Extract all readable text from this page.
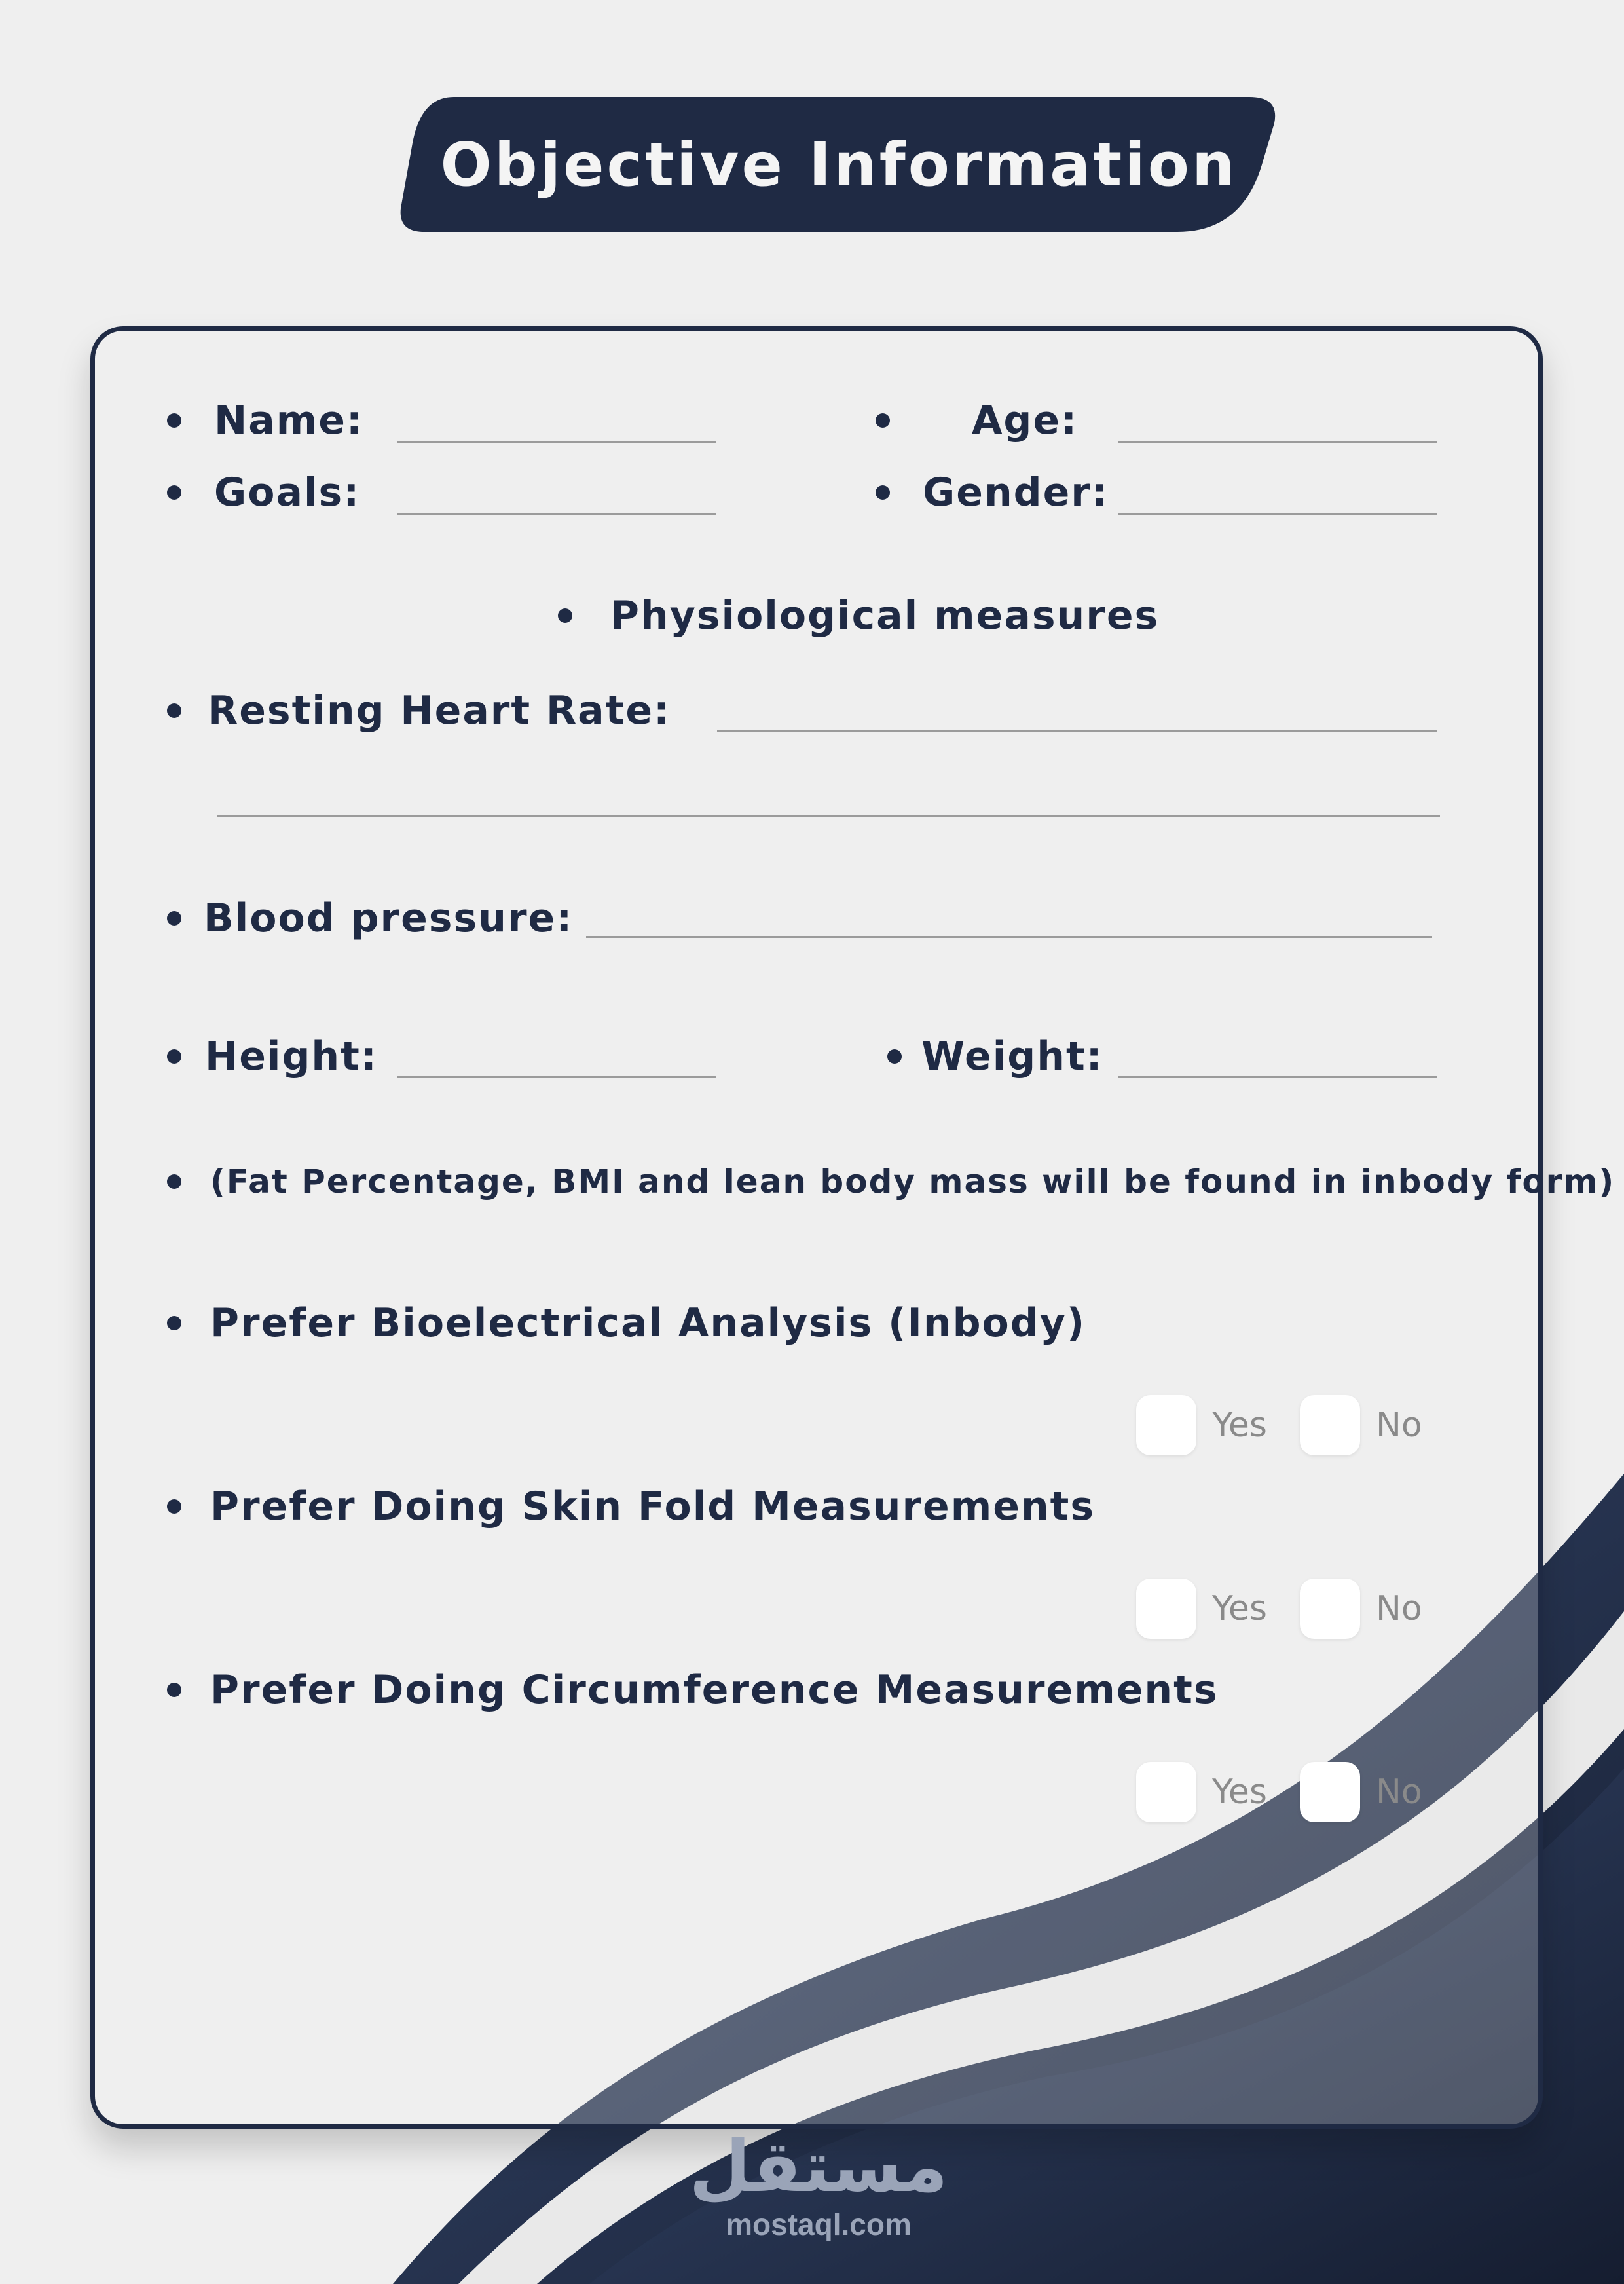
Objective Information
Name:	Age:
Goals:	Gender:
Physiological measures
Resting Heart Rate:
Blood pressure:
Height:	Weight:
(Fat Percentage, BMI and lean body mass will be found in inbody form)
Prefer Bioelectrical Analysis (Inbody)
Yes	No
Prefer Doing Skin Fold Measurements
Yes	No
Prefer Doing Circumference Measurements
Yes	No
مستقل
mostaql.com
